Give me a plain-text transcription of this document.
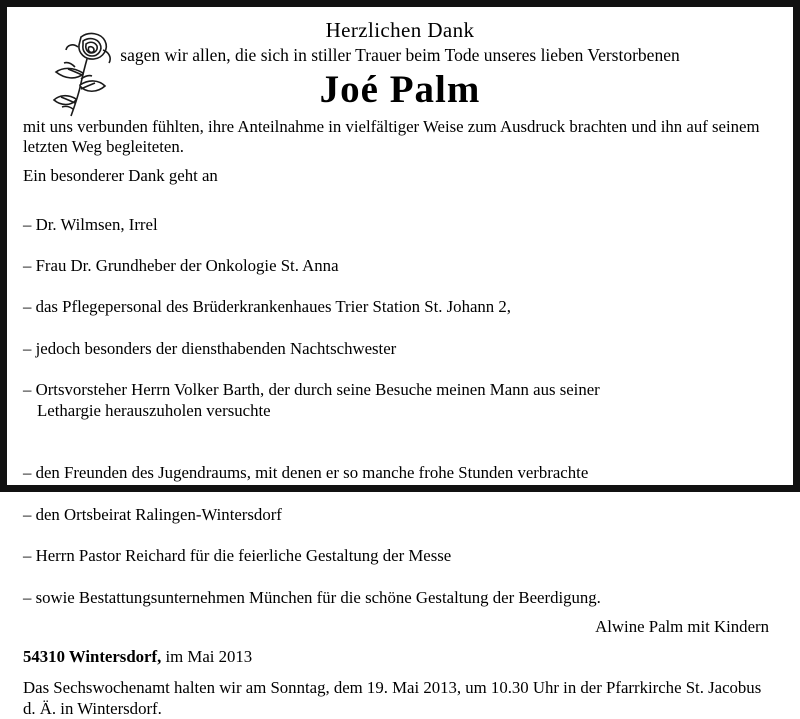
Herzlichen Dank
sagen wir allen, die sich in stiller Trauer beim Tode unseres lieben Verstorbenen
Joé Palm

mit uns verbunden fühlten, ihre Anteilnahme in vielfältiger Weise zum Ausdruck brachten und ihn auf seinem letzten Weg begleiteten.

Ein besonderer Dank geht an

– Dr. Wilmsen, Irrel

– Frau Dr. Grundheber der Onkologie St. Anna

– das Pflegepersonal des Brüderkrankenhaues Trier Station St. Johann 2,

– jedoch besonders der diensthabenden Nachtschwester

– Ortsvorsteher Herrn Volker Barth, der durch seine Besuche meinen Mann aus seiner

Lethargie herauszuholen versuchte

– den Freunden des Jugendraums, mit denen er so manche frohe Stunden verbrachte

– den Ortsbeirat Ralingen-Wintersdorf

– Herrn Pastor Reichard für die feierliche Gestaltung der Messe

– sowie Bestattungsunternehmen München für die schöne Gestaltung der Beerdigung.

Alwine Palm mit Kindern
54310 Wintersdorf, im Mai 2013
Das Sechswochenamt halten wir am Sonntag, dem 19. Mai 2013, um 10.30 Uhr in der Pfarrkirche St. Jacobus d. Ä. in Wintersdorf.
